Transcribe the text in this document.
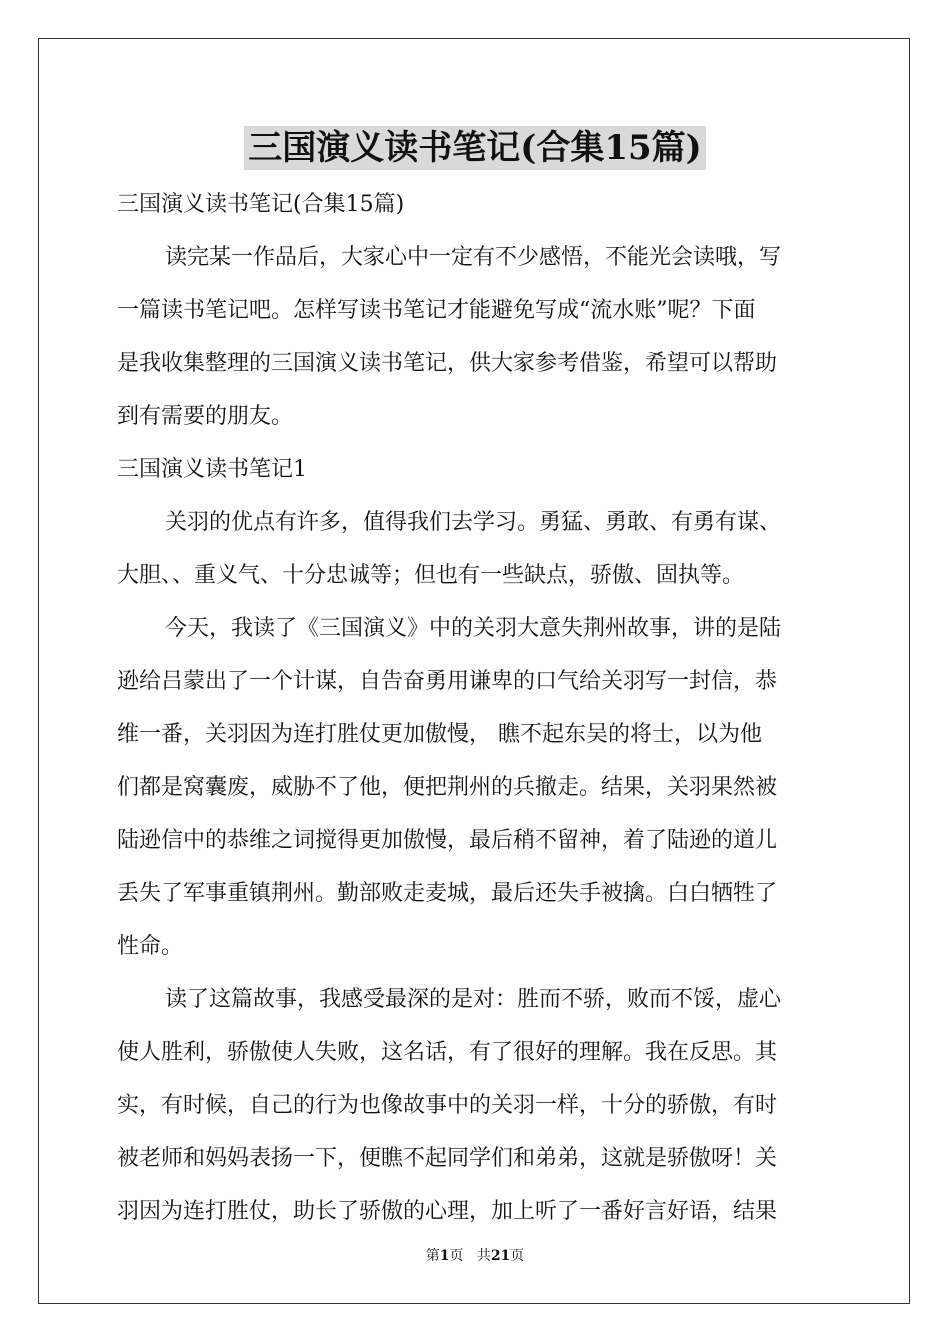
三国演义读书笔记(合集15篇)
三国演义读书笔记(合集15篇)
读完某一作品后，大家心中一定有不少感悟，不能光会读哦，写
一篇读书笔记吧。怎样写读书笔记才能避免写成“流水账”呢？下面
是我收集整理的三国演义读书笔记，供大家参考借鉴，希望可以帮助
到有需要的朋友。
三国演义读书笔记1
关羽的优点有许多，值得我们去学习。勇猛、勇敢、有勇有谋、
大胆、、重义气、十分忠诚等；但也有一些缺点，骄傲、固执等。
今天，我读了《三国演义》中的关羽大意失荆州故事，讲的是陆
逊给吕蒙出了一个计谋，自告奋勇用谦卑的口气给关羽写一封信，恭
维一番，关羽因为连打胜仗更加傲慢， 瞧不起东吴的将士，以为他
们都是窝囊废，威胁不了他，便把荆州的兵撤走。结果，关羽果然被
陆逊信中的恭维之词搅得更加傲慢，最后稍不留神，着了陆逊的道儿
丢失了军事重镇荆州。勤部败走麦城，最后还失手被擒。白白牺牲了
性命。
读了这篇故事，我感受最深的是对：胜而不骄，败而不馁，虚心
使人胜利，骄傲使人失败，这名话，有了很好的理解。我在反思。其
实，有时候，自己的行为也像故事中的关羽一样，十分的骄傲，有时
被老师和妈妈表扬一下，便瞧不起同学们和弟弟，这就是骄傲呀！关
羽因为连打胜仗，助长了骄傲的心理，加上听了一番好言好语，结果
第1页 共21页
